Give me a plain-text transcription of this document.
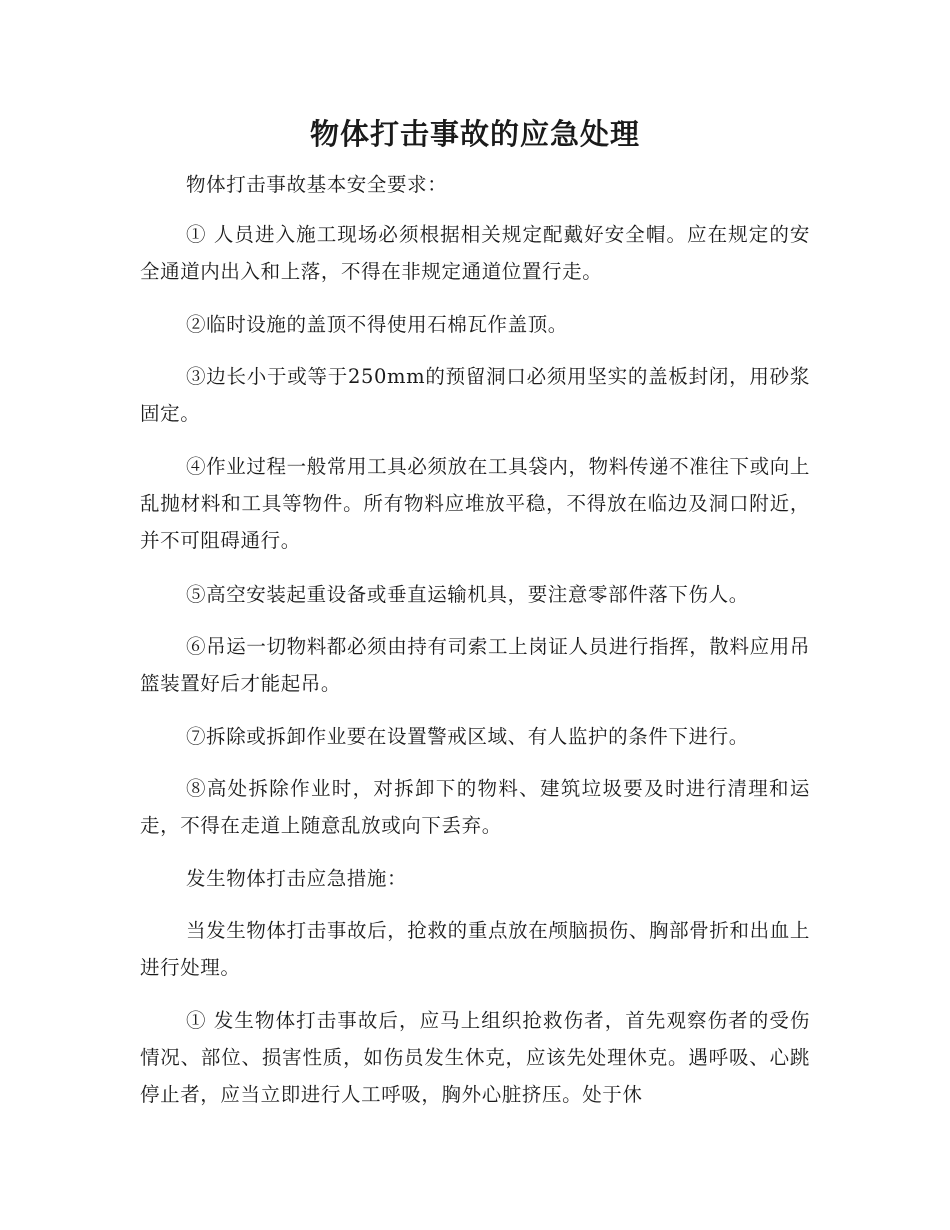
物体打击事故的应急处理

物体打击事故基本安全要求：

① 人员进入施工现场必须根据相关规定配戴好安全帽。应在规定的安全通道内出入和上落，不得在非规定通道位置行走。

②临时设施的盖顶不得使用石棉瓦作盖顶。

③边长小于或等于250mm的预留洞口必须用坚实的盖板封闭，用砂浆固定。

④作业过程一般常用工具必须放在工具袋内，物料传递不准往下或向上乱抛材料和工具等物件。所有物料应堆放平稳，不得放在临边及洞口附近，并不可阻碍通行。

⑤高空安装起重设备或垂直运输机具，要注意零部件落下伤人。

⑥吊运一切物料都必须由持有司索工上岗证人员进行指挥，散料应用吊篮装置好后才能起吊。

⑦拆除或拆卸作业要在设置警戒区域、有人监护的条件下进行。

⑧高处拆除作业时，对拆卸下的物料、建筑垃圾要及时进行清理和运走，不得在走道上随意乱放或向下丢弃。

发生物体打击应急措施：

当发生物体打击事故后，抢救的重点放在颅脑损伤、胸部骨折和出血上进行处理。

① 发生物体打击事故后，应马上组织抢救伤者，首先观察伤者的受伤情况、部位、损害性质，如伤员发生休克，应该先处理休克。遇呼吸、心跳停止者，应当立即进行人工呼吸，胸外心脏挤压。处于休
